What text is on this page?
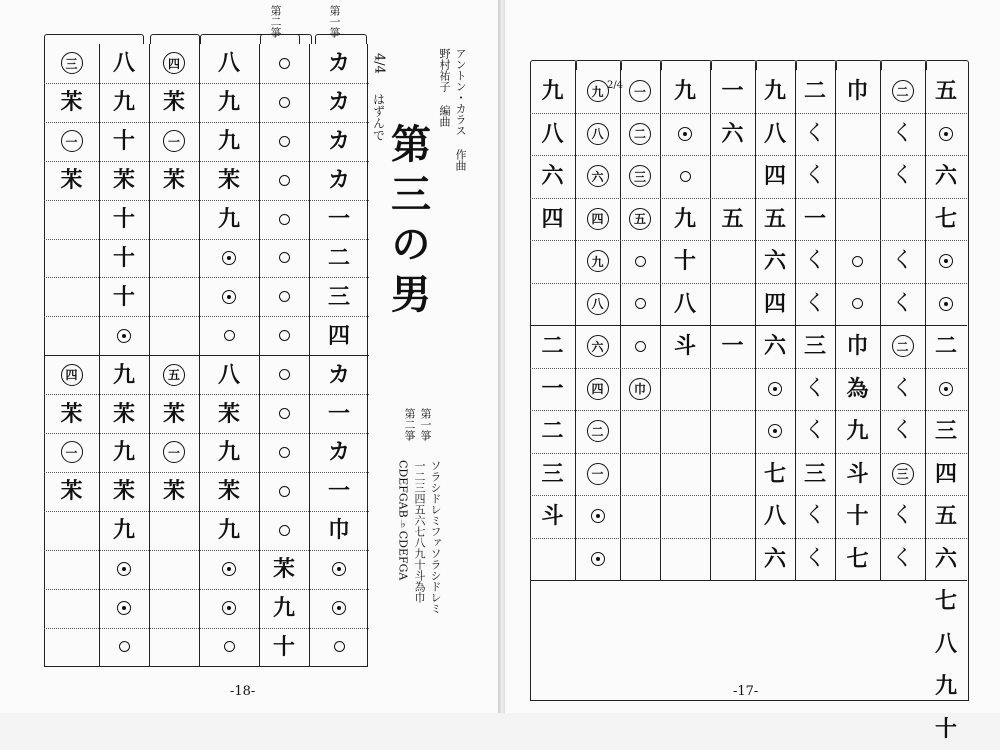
第二箏	第一箏
三
㭉
一
㭉
四
㭉
一
㭉
八
九
十
㭉
十
十
十
九
㭉
九
㭉
九
四
㭉
一
㭉
五
㭉
一
㭉
八
九
九
㭉
九
八
㭉
九
㭉
九
㭉
九
十
カ
カ
カ
カ
一
二
三
四
カ
一
カ
一
巾
4/4
はずんで	アントン・カラス 作曲
野村祐子 編曲
第三の男
第一箏
第二箏
ソラシドレミファソラシドレミ
一二三四五六七八九十斗為巾
CDEFGAB♭CDEFGA
-18-
九
八
六
四
二
一
二
三
斗
九
八
六
四
九
八
六
四
二
一
一
二
三
五
巾
九
九
十
八
斗
一
六
五
一
九
八
四
五
六
四
六
七
八
六
二
く
く
一
く
く
三
く
く
三
く
く
巾
巾
為
九
斗
十
七
二
く
く
く
く
二
く
く
三
く
く
五
六
七
二
三
四
五
六
七
八
九
十
2/4
-17-
